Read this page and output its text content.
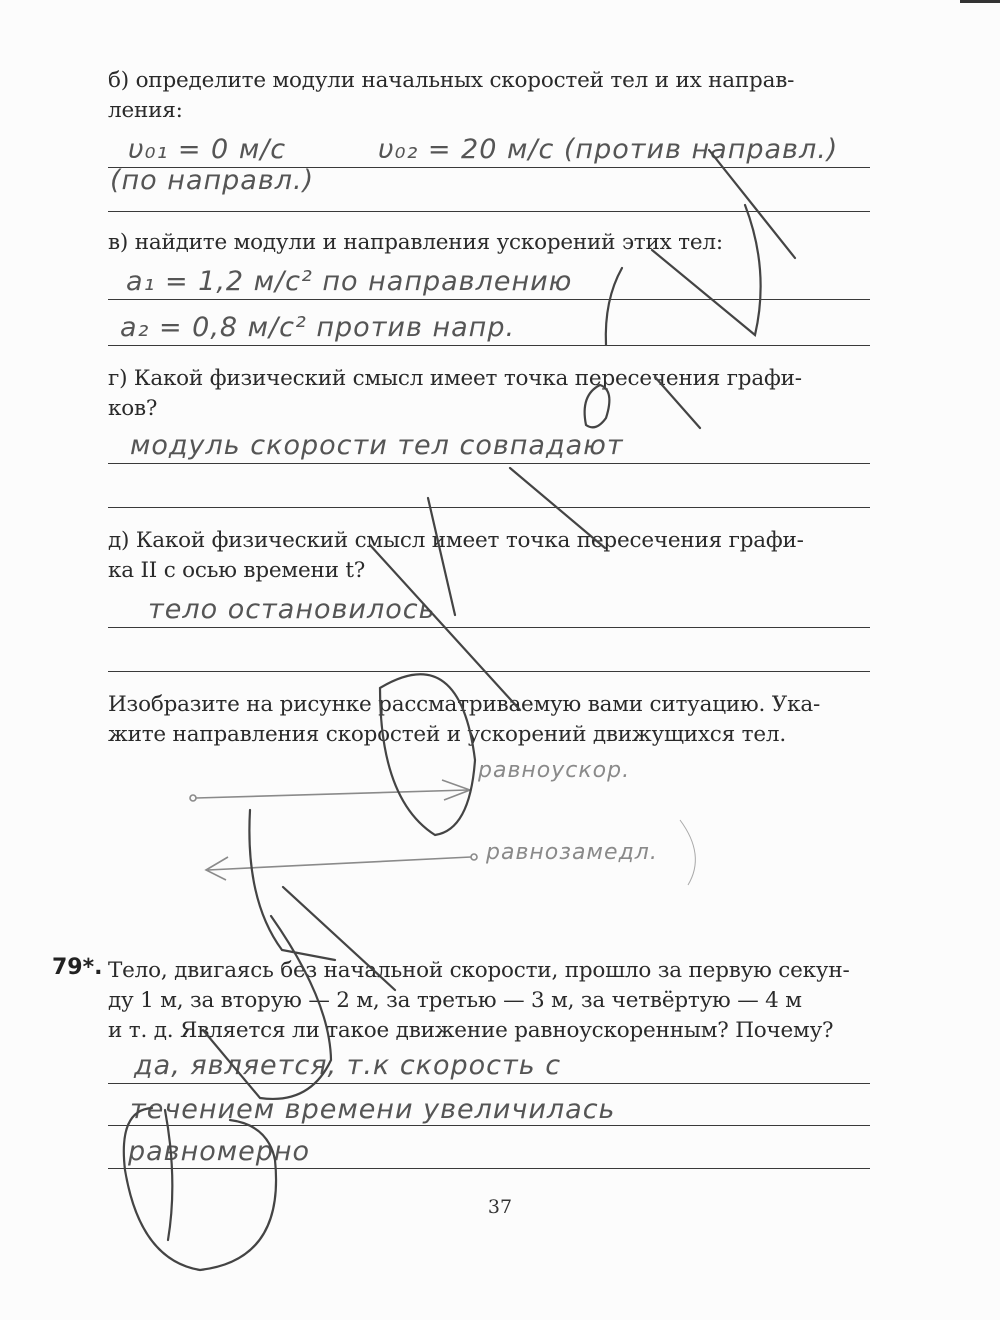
б) определите модули начальных скоростей тел и их направ-
ления:
υ₀₁ = 0 м/с	υ₀₂ = 20 м/с (против направл.)
(по направл.)
в) найдите модули и направления ускорений этих тел:
a₁ = 1,2 м/с² по направлению
a₂ = 0,8 м/с² против напр.
г) Какой физический смысл имеет точка пересечения графи-
ков?
модуль скорости тел совпадают
д) Какой физический смысл имеет точка пересечения графи-
ка II с осью времени t?
тело остановилось
Изобразите на рисунке рассматриваемую вами ситуацию. Ука-
жите направления скоростей и ускорений движущихся тел.
равноускор.
равнозамедл.
79*. Тело, двигаясь без начальной скорости, прошло за первую секун-
ду 1 м, за вторую — 2 м, за третью — 3 м, за четвёртую — 4 м
и т. д. Является ли такое движение равноускоренным? Почему?
да, является, т.к скорость с
течением времени увеличилась
равномерно
37
